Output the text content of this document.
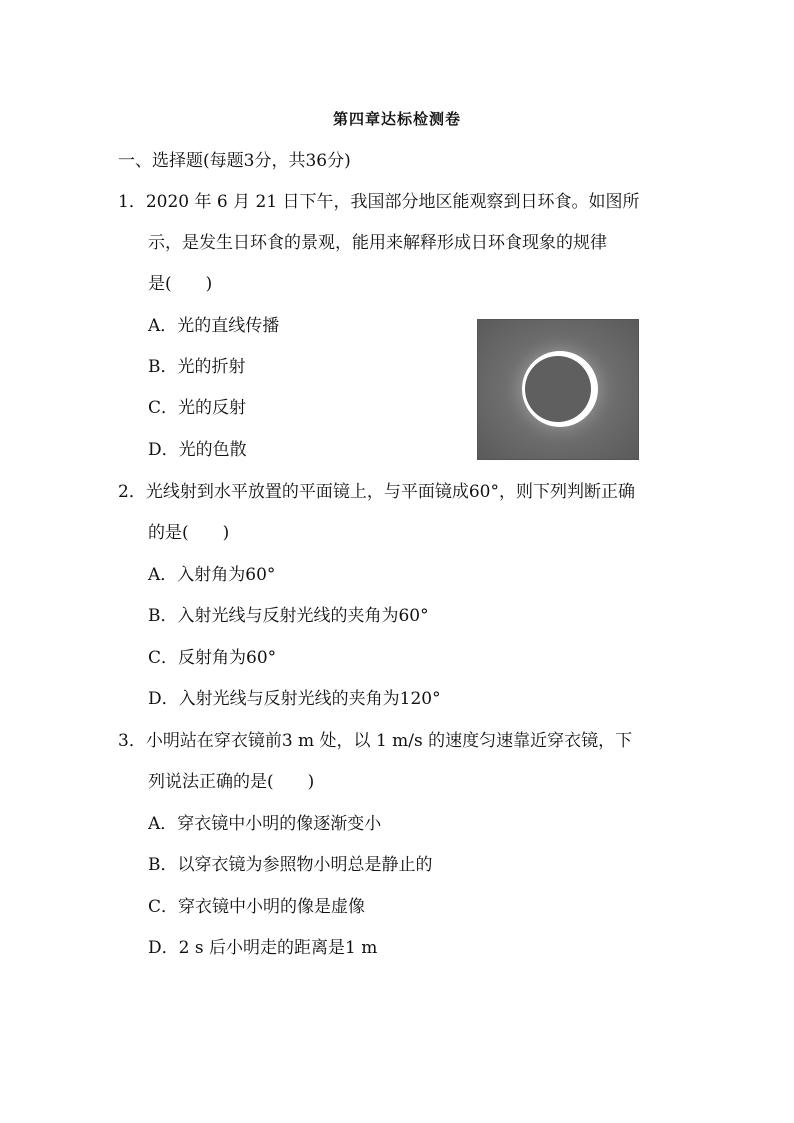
第四章达标检测卷
一、选择题(每题3分，共36分)
1．2020 年 6 月 21 日下午，我国部分地区能观察到日环食。如图所
示，是发生日环食的景观，能用来解释形成日环食现象的规律
是(　　)
A．光的直线传播
B．光的折射
C．光的反射
D．光的色散
2．光线射到水平放置的平面镜上，与平面镜成60°，则下列判断正确
的是(　　)
A．入射角为60°
B．入射光线与反射光线的夹角为60°
C．反射角为60°
D．入射光线与反射光线的夹角为120°
3．小明站在穿衣镜前3 m 处，以 1 m/s 的速度匀速靠近穿衣镜，下
列说法正确的是(　　)
A．穿衣镜中小明的像逐渐变小
B．以穿衣镜为参照物小明总是静止的
C．穿衣镜中小明的像是虚像
D．2 s 后小明走的距离是1 m
